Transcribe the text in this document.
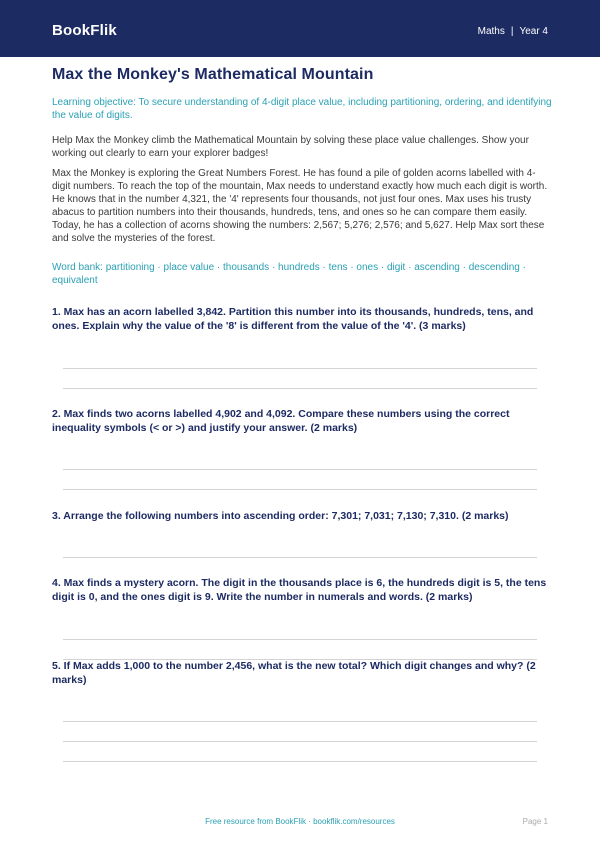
BookFlik	Maths | Year 4
Max the Monkey's Mathematical Mountain

Learning objective: To secure understanding of 4-digit place value, including partitioning, ordering, and identifying the value of digits.

Help Max the Monkey climb the Mathematical Mountain by solving these place value challenges. Show your working out clearly to earn your explorer badges!

Max the Monkey is exploring the Great Numbers Forest. He has found a pile of golden acorns labelled with 4-digit numbers. To reach the top of the mountain, Max needs to understand exactly how much each digit is worth. He knows that in the number 4,321, the '4' represents four thousands, not just four ones. Max uses his trusty abacus to partition numbers into their thousands, hundreds, tens, and ones so he can compare them easily. Today, he has a collection of acorns showing the numbers: 2,567; 5,276; 2,576; and 5,627. Help Max sort these and solve the mysteries of the forest.

Word bank: partitioning · place value · thousands · hundreds · tens · ones · digit · ascending · descending · equivalent

1. Max has an acorn labelled 3,842. Partition this number into its thousands, hundreds, tens, and ones. Explain why the value of the '8' is different from the value of the '4'. (3 marks)

2. Max finds two acorns labelled 4,902 and 4,092. Compare these numbers using the correct inequality symbols (< or >) and justify your answer. (2 marks)

3. Arrange the following numbers into ascending order: 7,301; 7,031; 7,130; 7,310. (2 marks)

4. Max finds a mystery acorn. The digit in the thousands place is 6, the hundreds digit is 5, the tens digit is 0, and the ones digit is 9. Write the number in numerals and words. (2 marks)

5. If Max adds 1,000 to the number 2,456, what is the new total? Which digit changes and why? (2 marks)

Free resource from BookFlik · bookflik.com/resources	Page 1
